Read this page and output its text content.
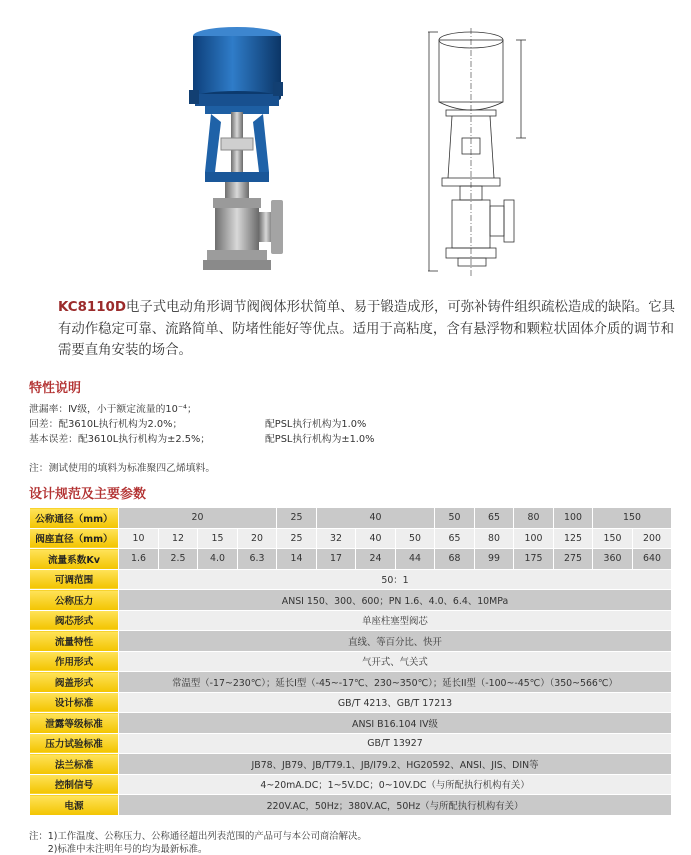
KC8110D电子式电动角形调节阀阀体形状简单、易于锻造成形，可弥补铸件组织疏松造成的缺陷。它具有动作稳定可靠、流路简单、防堵性能好等优点。适用于高粘度，含有悬浮物和颗粒状固体介质的调节和需要直角安装的场合。
特性说明
泄漏率：Ⅳ级，小于额定流量的10⁻⁴；
回差：配3610L执行机构为2.0%；	配PSL执行机构为1.0%
基本误差：配3610L执行机构为±2.5%；	配PSL执行机构为±1.0%
注：测试使用的填料为标准聚四乙烯填料。
设计规范及主要参数
公称通径（mm）	20				25	40			50	65	80	100	150	
阀座直径（mm）	10	12	15	20	25	32	40	50	65	80	100	125	150	200	
流量系数Kv	1.6	2.5	4.0	6.3	14	17	24	44	68	99	175	275	360	640	
可调范围	50：1														
公称压力	ANSI 150、300、600；PN 1.6、4.0、6.4、10MPa														
阀芯形式	单座柱塞型阀芯														
流量特性	直线、等百分比、快开														
作用形式	气开式、气关式														
阀盖形式	常温型（-17~230℃）；延长I型（-45~-17℃、230~350℃）；延长II型（-100~-45℃）（350~566℃）														
设计标准	GB/T 4213、GB/T 17213														
泄露等级标准	ANSI B16.104 IV级														
压力试验标准	GB/T 13927														
法兰标准	JB78、JB79、JB/T79.1、JB/I79.2、HG20592、ANSI、JIS、DIN等														
控制信号	4~20mA.DC；1~5V.DC；0~10V.DC（与所配执行机构有关）														
电源	220V.AC，50Hz；380V.AC，50Hz（与所配执行机构有关）														
注：1)工作温度、公称压力、公称通径超出列表范围的产品可与本公司商洽解决。
　　2)标准中未注明年号的均为最新标准。
